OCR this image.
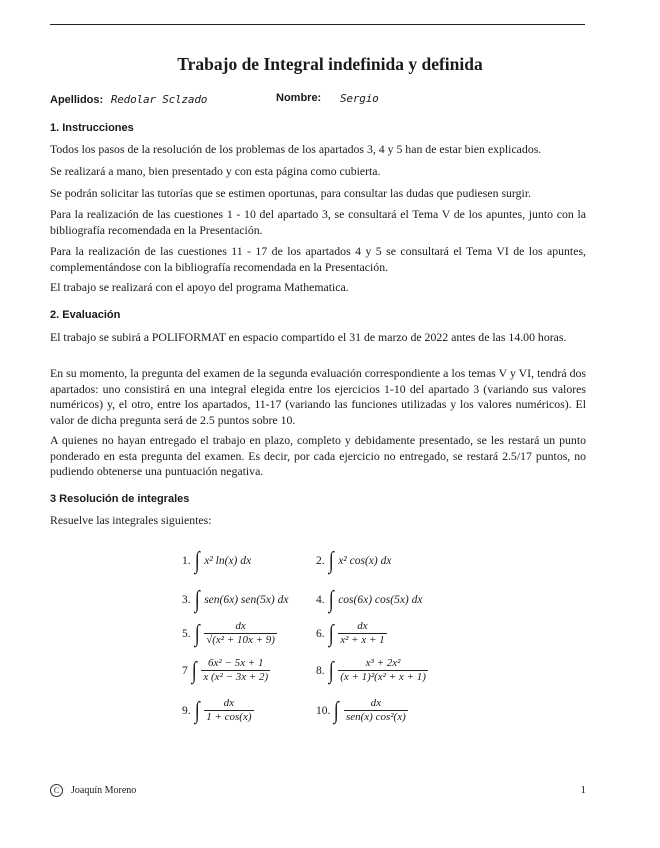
Trabajo de Integral indefinida y definida
Apellidos: Redolar Sclzado	Nombre: Sergio
1. Instrucciones
Todos los pasos de la resolución de los problemas de los apartados 3, 4 y 5 han de estar bien explicados.
Se realizará a mano, bien presentado y con esta página como cubierta.
Se podrán solicitar las tutorías que se estimen oportunas, para consultar las dudas que pudiesen surgir.
Para la realización de las cuestiones 1 - 10 del apartado 3, se consultará el Tema V de los apuntes, junto con la bibliografía recomendada en la Presentación.
Para la realización de las cuestiones 11 - 17 de los apartados 4 y 5 se consultará el Tema VI de los apuntes, complementándose con la bibliografía recomendada en la Presentación.
El trabajo se realizará con el apoyo del programa Mathematica.
2. Evaluación
El trabajo se subirá a POLIFORMAT en espacio compartido el 31 de marzo de 2022 antes de las 14.00 horas.
En su momento, la pregunta del examen de la segunda evaluación correspondiente a los temas V y VI, tendrá dos apartados: uno consistirá en una integral elegida entre los ejercicios 1-10 del apartado 3 (variando sus valores numéricos) y, el otro, entre los apartados, 11-17 (variando las funciones utilizadas y los valores numéricos). El valor de dicha pregunta será de 2.5 puntos sobre 10.
A quienes no hayan entregado el trabajo en plazo, completo y debidamente presentado, se les restará un punto ponderado en esta pregunta del examen. Es decir, por cada ejercicio no entregado, se restará 2.5/17 puntos, no pudiendo obtenerse una puntuación negativa.
3 Resolución de integrales
Resuelve las integrales siguientes:
1. ∫ x² ln(x) dx	2. ∫ x² cos(x) dx
3. ∫ sen(6x) sen(5x) dx 4. ∫ cos(6x) cos(5x) dx
5. ∫ $\frac{dx}{\text{√(x² + 10x + 9)}}$	6. ∫ $\frac{dx}{\text{x² + x + 1}}$
7 ∫ $\frac{\text{6x² − 5x + 1}}{\text{x (x² − 3x + 2)}}$	8. ∫ $\frac{\text{x³ + 2x²}}{\text{(x + 1)²(x² + x + 1)}}$
9. ∫ $\frac{dx}{1 + \cos(x)}$	10. ∫ $\frac{dx}{\text{sen(x) cos²(x)}}$
C Joaquín Moreno	1
